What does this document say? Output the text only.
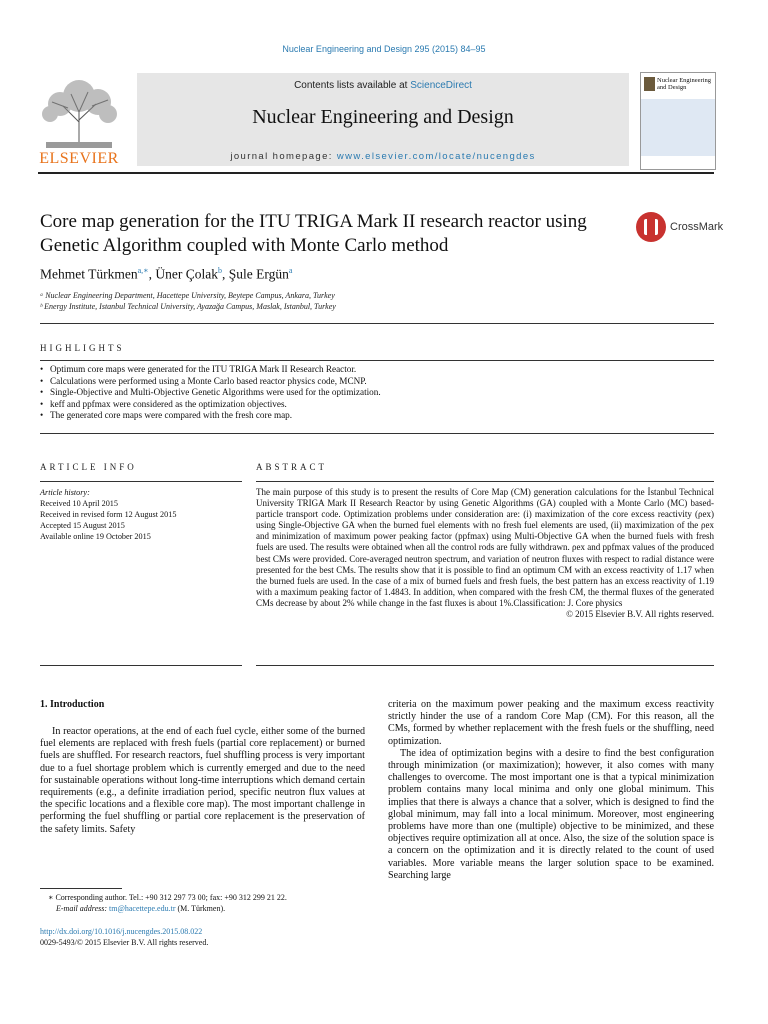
Nuclear Engineering and Design 295 (2015) 84–95
ELSEVIER
Contents lists available at ScienceDirect
Nuclear Engineering and Design
journal homepage: www.elsevier.com/locate/nucengdes
Nuclear Engineering and Design
Core map generation for the ITU TRIGA Mark II research reactor using Genetic Algorithm coupled with Monte Carlo method
CrossMark
Mehmet Türkmen$^{a,∗}$, Üner Çolak$^b$, Şule Ergün$^a$
ᵃ Nuclear Engineering Department, Hacettepe University, Beytepe Campus, Ankara, Turkey
ᵇ Energy Institute, Istanbul Technical University, Ayazağa Campus, Maslak, Istanbul, Turkey
HIGHLIGHTS
• Optimum core maps were generated for the ITU TRIGA Mark II Research Reactor.
• Calculations were performed using a Monte Carlo based reactor physics code, MCNP.
• Single-Objective and Multi-Objective Genetic Algorithms were used for the optimization.
• keff and ppfmax were considered as the optimization objectives.
• The generated core maps were compared with the fresh core map.
ARTICLE INFO
Article history:
Received 10 April 2015
Received in revised form 12 August 2015
Accepted 15 August 2015
Available online 19 October 2015
ABSTRACT
The main purpose of this study is to present the results of Core Map (CM) generation calculations for the İstanbul Technical University TRIGA Mark II Research Reactor by using Genetic Algorithms (GA) coupled with a Monte Carlo (MC) based-particle transport code. Optimization problems under consideration are: (i) maximization of the core excess reactivity (ρex) using Single-Objective GA when the burned fuel elements with no fresh fuel elements are used, (ii) maximization of the ρex and minimization of maximum power peaking factor (ppfmax) using Multi-Objective GA when the burned fuels with fresh fuels are used. The results were obtained when all the control rods are fully withdrawn. ρex and ppfmax values of the produced best CMs were provided. Core-averaged neutron spectrum, and variation of neutron fluxes with respect to radial distance were presented for the best CMs. The results show that it is possible to find an optimum CM with an excess reactivity of 1.17 when the burned fuels are used. In the case of a mix of burned fuels and fresh fuels, the best pattern has an excess reactivity of 1.19 with a maximum peaking factor of 1.4843. In addition, when compared with the fresh CM, the thermal fluxes of the generated CMs decrease by about 2% while change in the fast fluxes is about 1%.Classification: J. Core physics
© 2015 Elsevier B.V. All rights reserved.
1. Introduction

In reactor operations, at the end of each fuel cycle, either some of the burned fuel elements are replaced with fresh fuels (partial core replacement) or burned fuels are shuffled. For research reactors, fuel shuffling process is very important due to a fuel shortage problem which is currently emerged and due to the need for sustainable operations without long-time interruptions which demand certain requirements (e.g., a definite irradiation period, specific neutron flux values at the specific locations and a flexible core map). The most important challenge in performing the fuel shuffling or partial core replacement is the preservation of the safety limits. Safety

criteria on the maximum power peaking and the maximum excess reactivity strictly hinder the use of a random Core Map (CM). For this reason, all the CMs, formed by whether replacement with the fresh fuels or the shuffling, need optimization.

The idea of optimization begins with a desire to find the best configuration through minimization (or maximization); however, it also comes with many challenges to overcome. The most important one is that a typical minimization problem contains many local minima and only one global minimum. This implies that there is always a chance that a solver, which is designed to find the global minimum, may fall into a local minimum. Moreover, most engineering problems have more than one (multiple) objective to be minimized, and these objectives require optimization all at once. Also, the size of the solution space is a concern on the optimization and it is directly related to the count of used variables. More variable means the larger solution space to be examined. Searching large

∗ Corresponding author. Tel.: +90 312 297 73 00; fax: +90 312 299 21 22.
E-mail address: tm@hacettepe.edu.tr (M. Türkmen).
http://dx.doi.org/10.1016/j.nucengdes.2015.08.022
0029-5493/© 2015 Elsevier B.V. All rights reserved.
